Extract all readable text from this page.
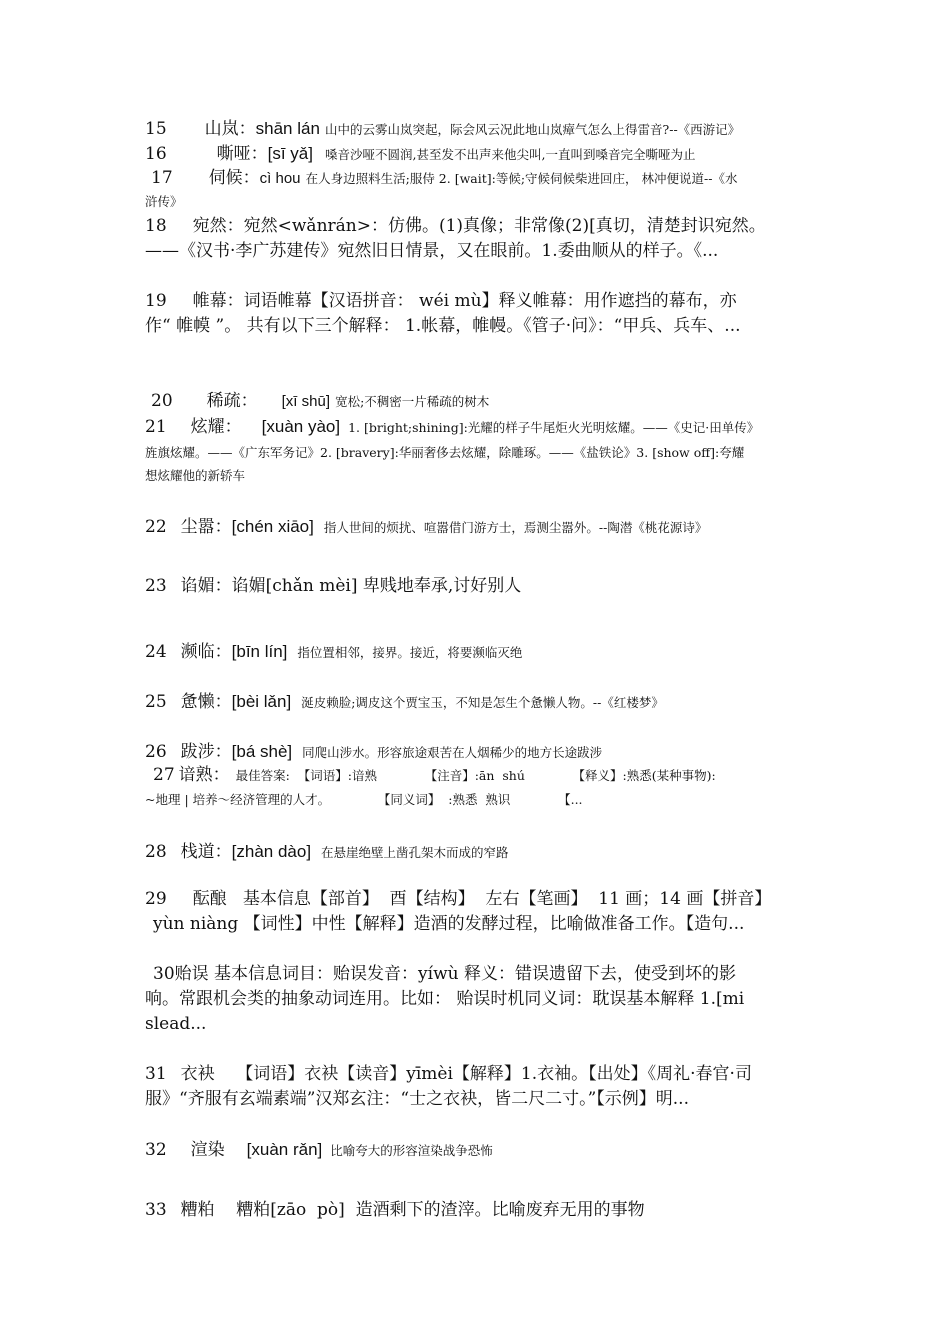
15 山岚：shān lán 山中的云雾山岚突起，际会风云况此地山岚瘴气怎么上得雷音?--《西游记》
16	嘶哑：[sī yǎ] 嗓音沙哑不圆润,甚至发不出声来他尖叫,一直叫到嗓音完全嘶哑为止
17 伺候：cì hou 在人身边照料生活;服侍 2. [wait]:等候;守候伺候柴进回庄， 林冲便说道--《水
浒传》
18 宛然：宛然<wǎnrán>：仿佛。(1)真像；非常像(2)[真切，清楚封识宛然。
——《汉书·李广苏建传》宛然旧日情景，又在眼前。1.委曲顺从的样子。《...
19 帷幕：词语帷幕【汉语拼音： wéi mù】释义帷幕：用作遮挡的幕布，亦
作“ 帷幙 ”。 共有以下三个解释： 1.帐幕，帷幔。《管子·问》：“甲兵、兵车、...
20 稀疏： [xī shū] 宽松;不稠密一片稀疏的树木
21 炫耀： [xuàn yào] 1. [bright;shining]:光耀的样子牛尾炬火光明炫耀。——《史记·田单传》
旌旗炫耀。——《广东军务记》2. [bravery]:华丽奢侈去炫耀，除雕琢。——《盐铁论》3. [show off]:夸耀
想炫耀他的新轿车
22 尘嚣：[chén xiāo] 指人世间的烦扰、喧嚣借门游方士，焉测尘嚣外。--陶潜《桃花源诗》
23 谄媚：谄媚[chǎn mèi] 卑贱地奉承,讨好别人
24 濒临：[bīn lín] 指位置相邻，接界。接近，将要濒临灭绝
25 惫懒：[bèi lǎn] 涎皮赖脸;调皮这个贾宝玉，不知是怎生个惫懒人物。--《红楼梦》
26 跋涉：[bá shè] 同爬山涉水。形容旅途艰苦在人烟稀少的地方长途跋涉
27 谙熟： 最佳答案:  【词语】:谙熟            【注音】:ān  shú            【释义】:熟悉(某种事物):
~地理 | 培养～经济管理的人才。            【同义词】  :熟悉  熟识            【...
28 栈道：[zhàn dào] 在悬崖绝壁上凿孔架木而成的窄路
29 酝酿   基本信息【部首】  酉【结构】  左右【笔画】  11 画；14 画【拼音】
yùn niàng 【词性】中性【解释】造酒的发酵过程，比喻做准备工作。【造句...
30贻误 基本信息词目：贻误发音：yíwù 释义：错误遗留下去，使受到坏的影
响。常跟机会类的抽象动词连用。比如： 贻误时机同义词：耽误基本解释 1.[mi
slead...
31 衣袂    【词语】衣袂【读音】yīmèi【解释】1.衣袖。【出处】《周礼·春官·司
服》“齐服有玄端素端”汉郑玄注：“士之衣袂，皆二尺二寸。”【示例】明...
32 渲染 [xuàn rǎn] 比喻夸大的形容渲染战争恐怖
33 糟粕    糟粕[zāo  pò]  造酒剩下的渣滓。比喻废弃无用的事物
